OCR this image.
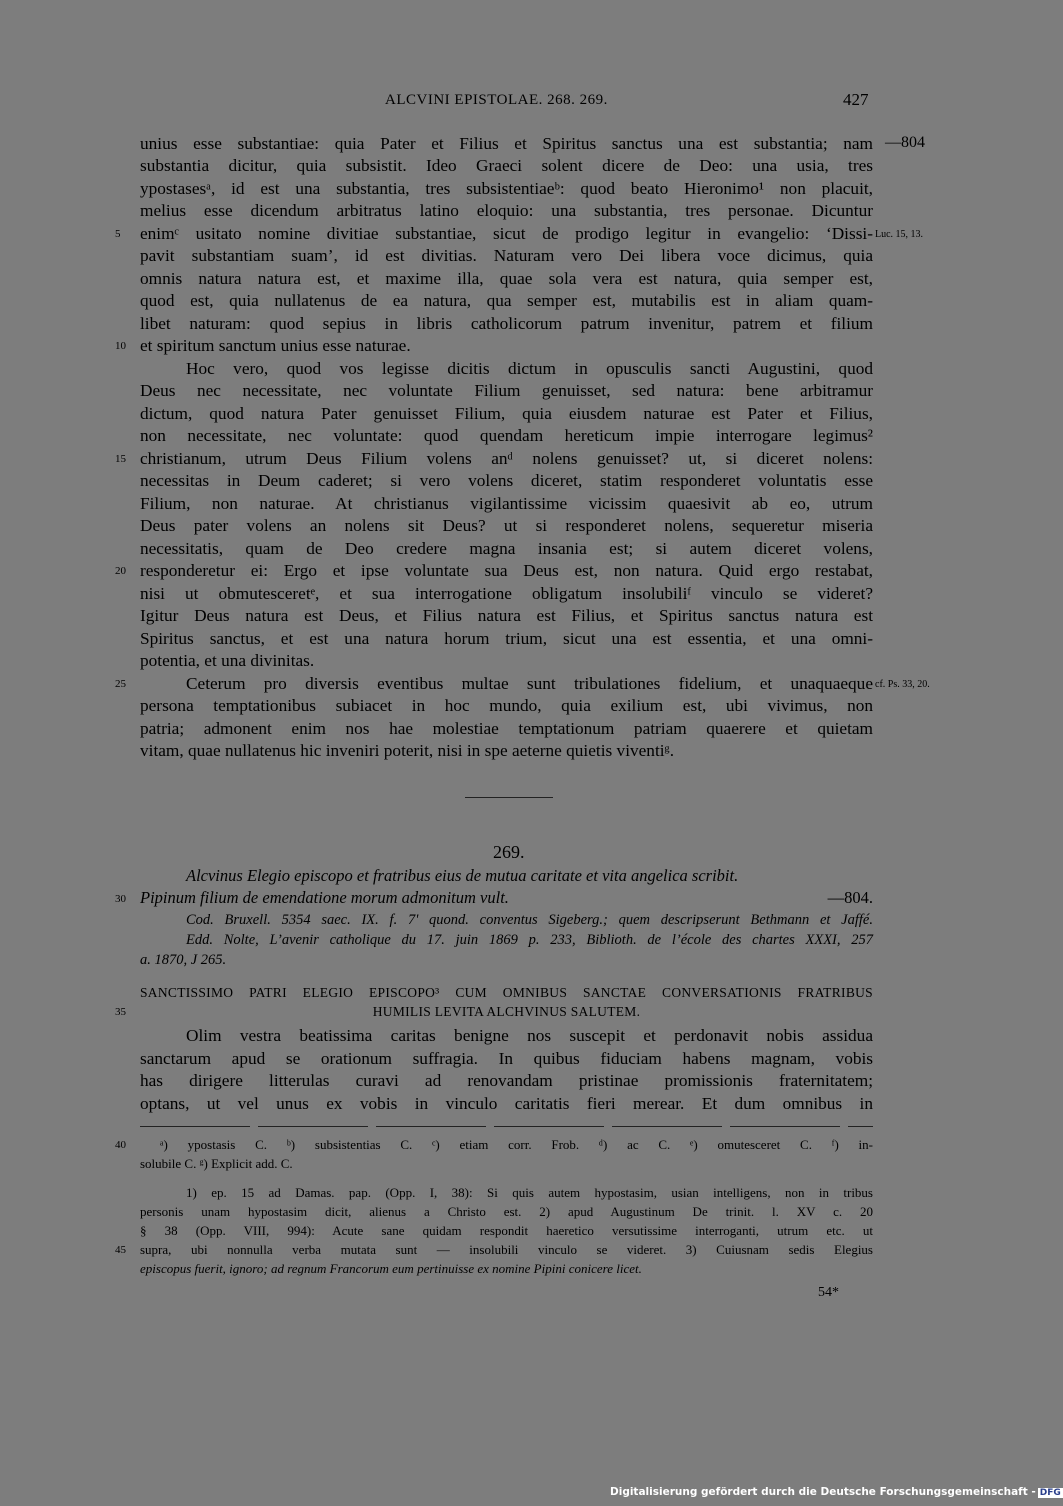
ALCVINI EPISTOLAE. 268. 269.	427
unius esse substantiae: quia Pater et Filius et Spiritus sanctus una est substantia; nam
substantia dicitur, quia subsistit. Ideo Graeci solent dicere de Deo: una usia, tres
ypostasesᵃ, id est una substantia, tres subsistentiaeᵇ: quod beato Hieronimo¹ non placuit,
melius esse dicendum arbitratus latino eloquio: una substantia, tres personae. Dicuntur
enimᶜ usitato nomine divitiae substantiae, sicut de prodigo legitur in evangelio: ‘Dissi-
pavit substantiam suam’, id est divitias. Naturam vero Dei libera voce dicimus, quia
omnis natura natura est, et maxime illa, quae sola vera est natura, quia semper est,
quod est, quia nullatenus de ea natura, qua semper est, mutabilis est in aliam quam-
libet naturam: quod sepius in libris catholicorum patrum invenitur, patrem et filium
et spiritum sanctum unius esse naturae.
Hoc vero, quod vos legisse dicitis dictum in opusculis sancti Augustini, quod
Deus nec necessitate, nec voluntate Filium genuisset, sed natura: bene arbitramur
dictum, quod natura Pater genuisset Filium, quia eiusdem naturae est Pater et Filius,
non necessitate, nec voluntate: quod quendam hereticum impie interrogare legimus²
christianum, utrum Deus Filium volens anᵈ nolens genuisset? ut, si diceret nolens:
necessitas in Deum caderet; si vero volens diceret, statim responderet voluntatis esse
Filium, non naturae. At christianus vigilantissime vicissim quaesivit ab eo, utrum
Deus pater volens an nolens sit Deus? ut si responderet nolens, sequeretur miseria
necessitatis, quam de Deo credere magna insania est; si autem diceret volens,
responderetur ei: Ergo et ipse voluntate sua Deus est, non natura. Quid ergo restabat,
nisi ut obmutesceretᵉ, et sua interrogatione obligatum insolubiliᶠ vinculo se videret?
Igitur Deus natura est Deus, et Filius natura est Filius, et Spiritus sanctus natura est
Spiritus sanctus, et est una natura horum trium, sicut una est essentia, et una omni-
potentia, et una divinitas.
Ceterum pro diversis eventibus multae sunt tribulationes fidelium, et unaquaeque
persona temptationibus subiacet in hoc mundo, quia exilium est, ubi vivimus, non
patria; admonent enim nos hae molestiae temptationum patriam quaerere et quietam
vitam, quae nullatenus hic inveniri poterit, nisi in spe aeterne quietis viventiᵍ.
5
10
15
20
25
—804
Luc. 15, 13.
cf. Ps. 33, 20.
269.
Alcvinus Elegio episcopo et fratribus eius de mutua caritate et vita angelica scribit.
Pipinum filium de emendatione morum admonitum vult.	—804.
30
Cod. Bruxell. 5354 saec. IX. f. 7' quond. conventus Sigeberg.; quem descripserunt Bethmann et Jaffé.
Edd. Nolte, L’avenir catholique du 17. juin 1869 p. 233, Biblioth. de l’école des chartes XXXI, 257
a. 1870, J 265.
SANCTISSIMO PATRI ELEGIO EPISCOPO³ CUM OMNIBUS SANCTAE CONVERSATIONIS FRATRIBUS
HUMILIS LEVITA ALCHVINUS SALUTEM.
35
Olim vestra beatissima caritas benigne nos suscepit et perdonavit nobis assidua
sanctarum apud se orationum suffragia. In quibus fiduciam habens magnam, vobis
has dirigere litterulas curavi ad renovandam pristinae promissionis fraternitatem;
optans, ut vel unus ex vobis in vinculo caritatis fieri merear. Et dum omnibus in
ᵃ) ypostasis C. ᵇ) subsistentias C. ᶜ) etiam corr. Frob. ᵈ) ac C. ᵉ) omutesceret C. ᶠ) in-
solubile C. ᵍ) Explicit add. C.
40
1) ep. 15 ad Damas. pap. (Opp. I, 38): Si quis autem hypostasim, usian intelligens, non in tribus
personis unam hypostasim dicit, alienus a Christo est. 2) apud Augustinum De trinit. l. XV c. 20
§ 38 (Opp. VIII, 994): Acute sane quidam respondit haeretico versutissime interroganti, utrum etc. ut
supra, ubi nonnulla verba mutata sunt — insolubili vinculo se videret. 3) Cuiusnam sedis Elegius
episcopus fuerit, ignoro; ad regnum Francorum eum pertinuisse ex nomine Pipini conicere licet.
45
54*
Digitalisierung gefördert durch die Deutsche Forschungsgemeinschaft - DFG
